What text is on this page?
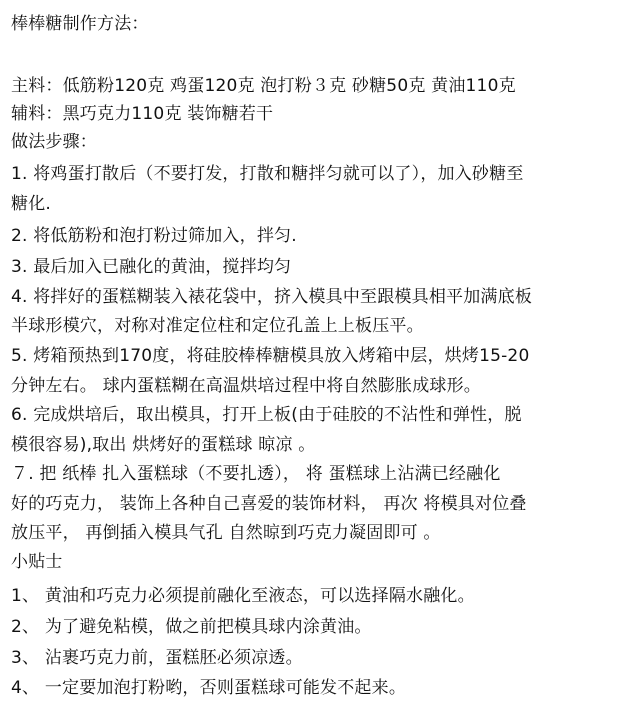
棒棒糖制作方法：
主料：低筋粉120克 鸡蛋120克 泡打粉３克 砂糖50克 黄油110克
辅料：黑巧克力110克 装饰糖若干
做法步骤：
1. 将鸡蛋打散后（不要打发，打散和糖拌匀就可以了），加入砂糖至
糖化.
2. 将低筋粉和泡打粉过筛加入，拌匀.
3. 最后加入已融化的黄油，搅拌均匀
4. 将拌好的蛋糕糊装入裱花袋中，挤入模具中至跟模具相平加满底板
半球形模穴，对称对准定位柱和定位孔盖上上板压平。
5. 烤箱预热到170度，将硅胶棒棒糖模具放入烤箱中层，烘烤15-20
分钟左右。 球内蛋糕糊在高温烘培过程中将自然膨胀成球形。
6. 完成烘培后，取出模具，打开上板(由于硅胶的不沾性和弹性，脱
模很容易),取出 烘烤好的蛋糕球 晾凉 。
７. 把 纸棒 扎入蛋糕球（不要扎透）， 将 蛋糕球上沾满已经融化
好的巧克力， 装饰上各种自己喜爱的装饰材料， 再次 将模具对位叠
放压平， 再倒插入模具气孔 自然晾到巧克力凝固即可 。
小贴士
1、 黄油和巧克力必须提前融化至液态，可以选择隔水融化。
2、 为了避免粘模，做之前把模具球内涂黄油。
3、 沾裹巧克力前，蛋糕胚必须凉透。
4、 一定要加泡打粉哟，否则蛋糕球可能发不起来。
